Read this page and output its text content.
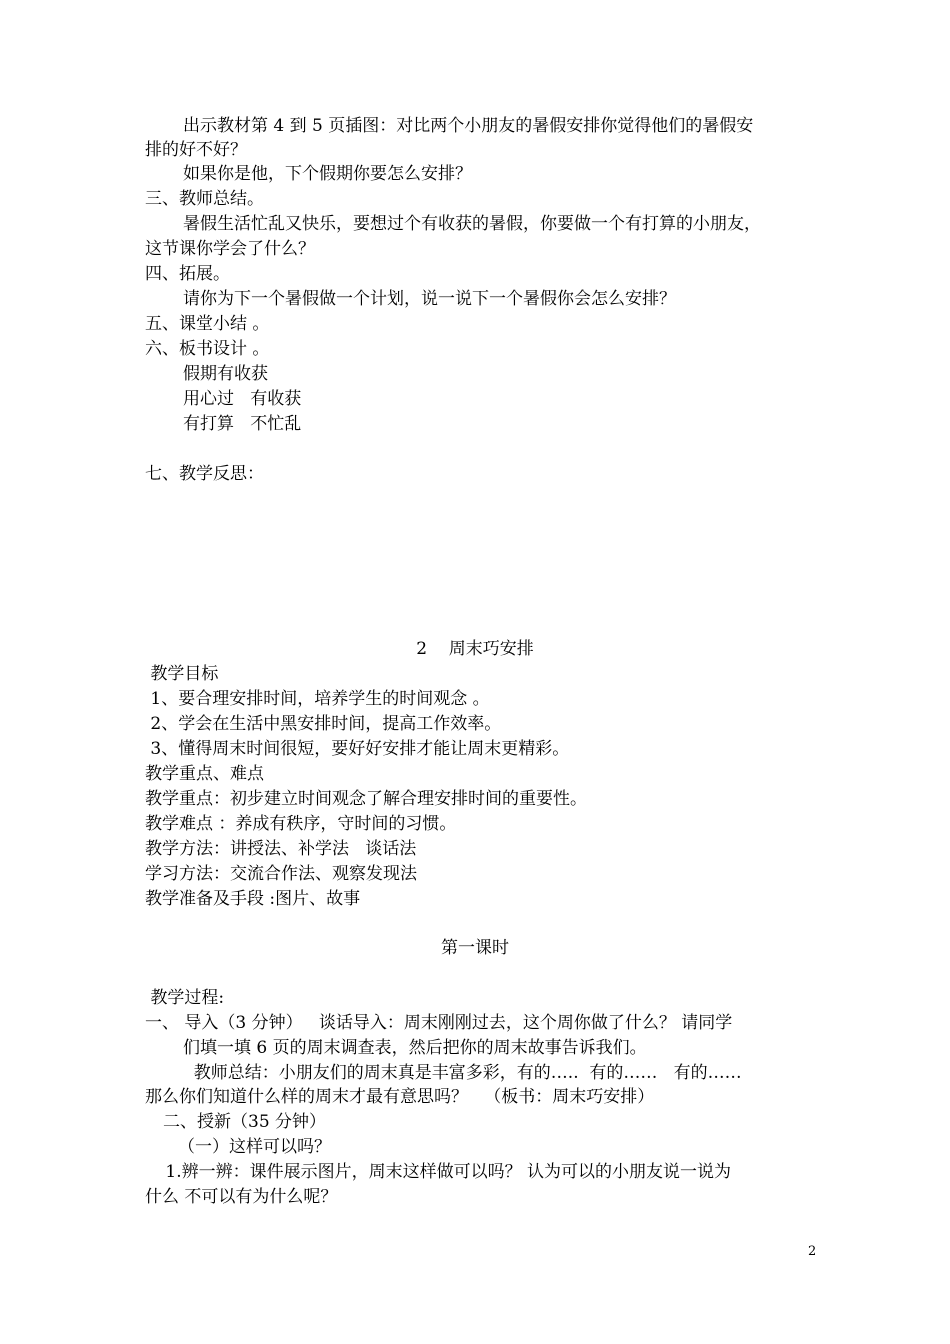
出示教材第 4 到 5 页插图：对比两个小朋友的暑假安排你觉得他们的暑假安
排的好不好？
如果你是他，下个假期你要怎么安排？
三、教师总结。
暑假生活忙乱又快乐，要想过个有收获的暑假，你要做一个有打算的小朋友，
这节课你学会了什么？
四、拓展。
请你为下一个暑假做一个计划，说一说下一个暑假你会怎么安排？
五、课堂小结 。
六、板书设计 。
假期有收获
用心过   有收获
有打算   不忙乱
七、教学反思：
2    周末巧安排
教学目标
1、要合理安排时间，培养学生的时间观念 。
2、学会在生活中黑安排时间，提高工作效率。
3、懂得周末时间很短，要好好安排才能让周末更精彩。
教学重点、难点
教学重点：初步建立时间观念了解合理安排时间的重要性。
教学难点 ：养成有秩序，守时间的习惯。
教学方法：讲授法、补学法   谈话法
学习方法：交流合作法、观察发现法
教学准备及手段 :图片、故事
第一课时
教学过程:
一、 导入（3 分钟）   谈话导入：周末刚刚过去，这个周你做了什么？ 请同学
们填一填 6 页的周末调查表，然后把你的周末故事告诉我们。
教师总结：小朋友们的周末真是丰富多彩，有的…..  有的……   有的……
那么你们知道什么样的周末才最有意思吗？   （板书：周末巧安排）
二、授新（35 分钟）
（一）这样可以吗？
1.辨一辨：课件展示图片，周末这样做可以吗？ 认为可以的小朋友说一说为
什么 不可以有为什么呢？
2
